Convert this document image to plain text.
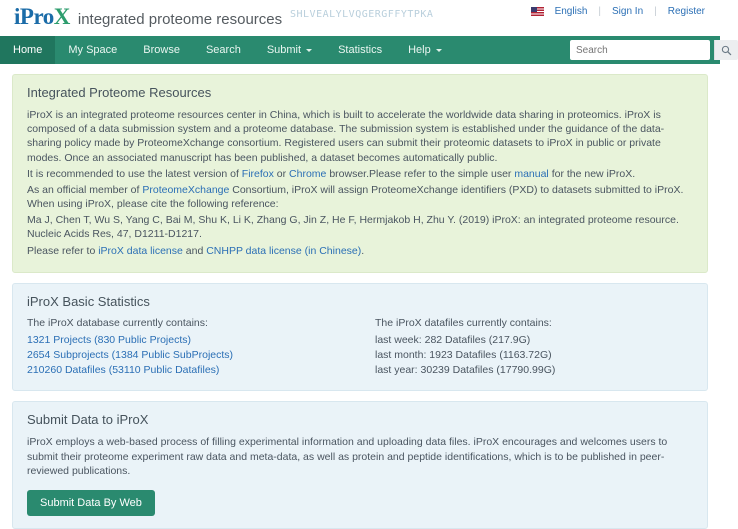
iProX integrated proteome resources SHLVEALYLVQGERGFFYTPKA	English	|	Sign In	|	Register
Home My Space Browse Search Submit	Statistics Help
Search
Integrated Proteome Resources
iProX is an integrated proteome resources center in China, which is built to accelerate the worldwide data sharing in proteomics. iProX is composed of a data submission system and a proteome database. The submission system is established under the guidance of the data-sharing policy made by ProteomeXchange consortium. Registered users can submit their proteomic datasets to iProX in public or private modes. Once an associated manuscript has been published, a dataset becomes automatically public.
It is recommended to use the latest version of Firefox or Chrome browser.Please refer to the simple user manual for the new iProX.
As an official member of ProteomeXchange Consortium, iProX will assign ProteomeXchange identifiers (PXD) to datasets submitted to iProX. When using iProX, please cite the following reference:
Ma J, Chen T, Wu S, Yang C, Bai M, Shu K, Li K, Zhang G, Jin Z, He F, Hermjakob H, Zhu Y. (2019) iProX: an integrated proteome resource. Nucleic Acids Res, 47, D1211-D1217.
Please refer to iProX data license and CNHPP data license (in Chinese).
iProX Basic Statistics
The iProX database currently contains:
1321 Projects (830 Public Projects)
2654 Subprojects (1384 Public SubProjects)
210260 Datafiles (53110 Public Datafiles)
The iProX datafiles currently contains:
last week: 282 Datafiles (217.9G)
last month: 1923 Datafiles (1163.72G)
last year: 30239 Datafiles (17790.99G)
Submit Data to iProX
iProX employs a web-based process of filling experimental information and uploading data files. iProX encourages and welcomes users to submit their proteome experiment raw data and meta-data, as well as protein and peptide identifications, which is to be published in peer-reviewed publications.
Submit Data By Web
